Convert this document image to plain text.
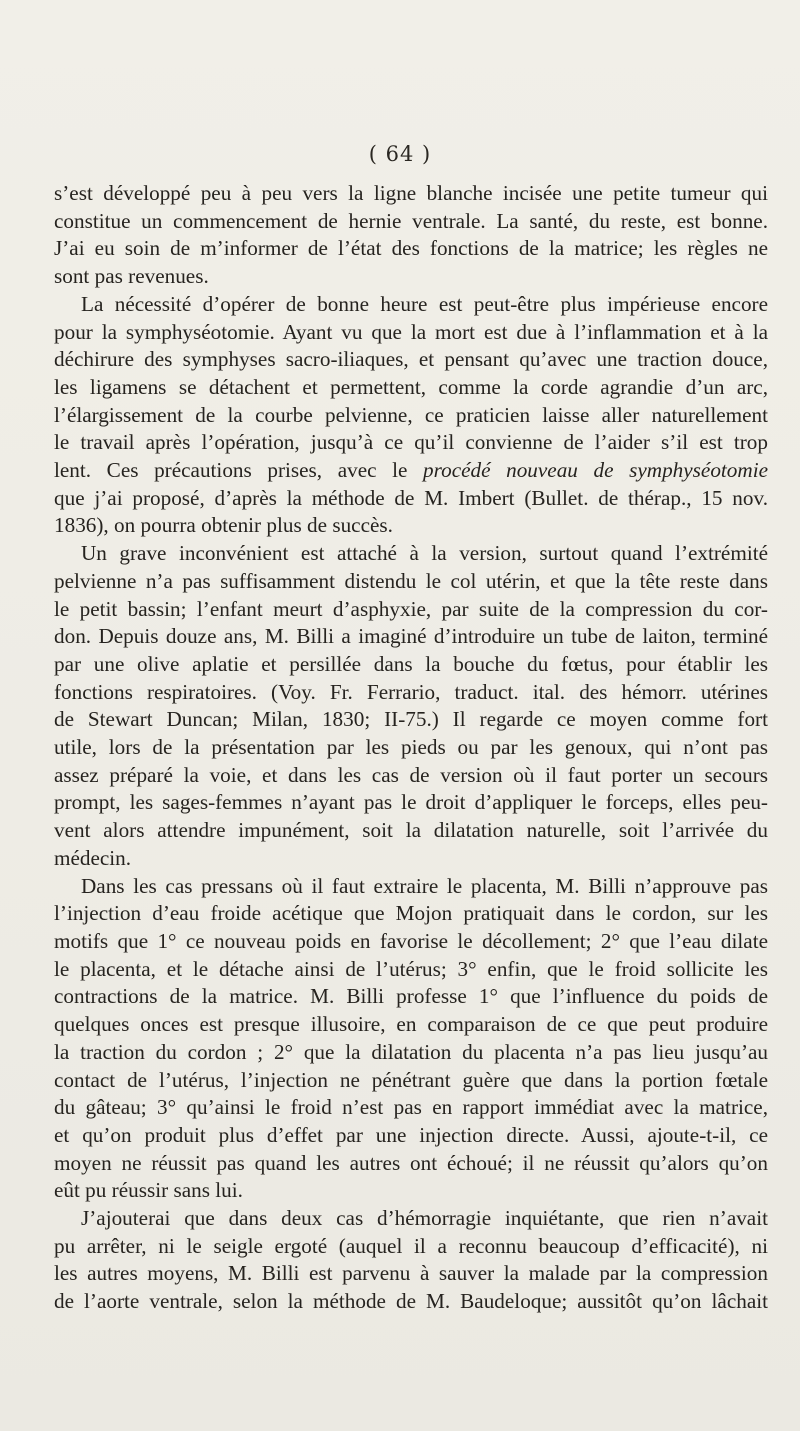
( 64 )

s’est développé peu à peu vers la ligne blanche incisée une petite tumeur qui

constitue un commencement de hernie ventrale. La santé, du reste, est bonne.

J’ai eu soin de m’informer de l’état des fonctions de la matrice; les règles ne

sont pas revenues.

La nécessité d’opérer de bonne heure est peut-être plus impérieuse encore

pour la symphyséotomie. Ayant vu que la mort est due à l’inflammation et à la

déchirure des symphyses sacro-iliaques, et pensant qu’avec une traction douce,

les ligamens se détachent et permettent, comme la corde agrandie d’un arc,

l’élargissement de la courbe pelvienne, ce praticien laisse aller naturellement

le travail après l’opération, jusqu’à ce qu’il convienne de l’aider s’il est trop

lent. Ces précautions prises, avec le procédé nouveau de symphyséotomie

que j’ai proposé, d’après la méthode de M. Imbert (Bullet. de thérap., 15 nov.

1836), on pourra obtenir plus de succès.

Un grave inconvénient est attaché à la version, surtout quand l’extrémité

pelvienne n’a pas suffisamment distendu le col utérin, et que la tête reste dans

le petit bassin; l’enfant meurt d’asphyxie, par suite de la compression du cor-

don. Depuis douze ans, M. Billi a imaginé d’introduire un tube de laiton, terminé

par une olive aplatie et persillée dans la bouche du fœtus, pour établir les

fonctions respiratoires. (Voy. Fr. Ferrario, traduct. ital. des hémorr. utérines

de Stewart Duncan; Milan, 1830; II-75.) Il regarde ce moyen comme fort

utile, lors de la présentation par les pieds ou par les genoux, qui n’ont pas

assez préparé la voie, et dans les cas de version où il faut porter un secours

prompt, les sages-femmes n’ayant pas le droit d’appliquer le forceps, elles peu-

vent alors attendre impunément, soit la dilatation naturelle, soit l’arrivée du

médecin.

Dans les cas pressans où il faut extraire le placenta, M. Billi n’approuve pas

l’injection d’eau froide acétique que Mojon pratiquait dans le cordon, sur les

motifs que 1° ce nouveau poids en favorise le décollement; 2° que l’eau dilate

le placenta, et le détache ainsi de l’utérus; 3° enfin, que le froid sollicite les

contractions de la matrice. M. Billi professe 1° que l’influence du poids de

quelques onces est presque illusoire, en comparaison de ce que peut produire

la traction du cordon ; 2° que la dilatation du placenta n’a pas lieu jusqu’au

contact de l’utérus, l’injection ne pénétrant guère que dans la portion fœtale

du gâteau; 3° qu’ainsi le froid n’est pas en rapport immédiat avec la matrice,

et qu’on produit plus d’effet par une injection directe. Aussi, ajoute-t-il, ce

moyen ne réussit pas quand les autres ont échoué; il ne réussit qu’alors qu’on

eût pu réussir sans lui.

J’ajouterai que dans deux cas d’hémorragie inquiétante, que rien n’avait

pu arrêter, ni le seigle ergoté (auquel il a reconnu beaucoup d’efficacité), ni

les autres moyens, M. Billi est parvenu à sauver la malade par la compression

de l’aorte ventrale, selon la méthode de M. Baudeloque; aussitôt qu’on lâchait
